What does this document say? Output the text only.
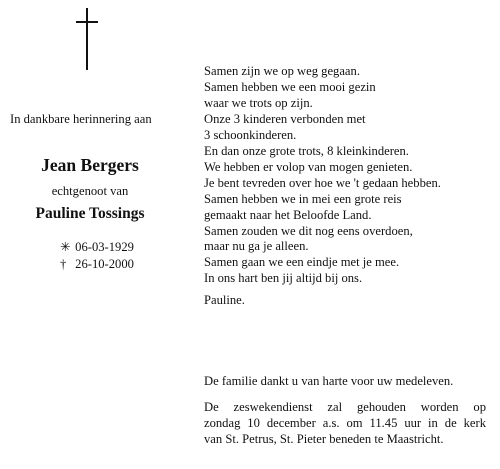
In dankbare herinnering aan
Jean Bergers
echtgenoot van
Pauline Tossings
✳ 06-03-1929
† 26-10-2000
Samen zijn we op weg gegaan.
Samen hebben we een mooi gezin
waar we trots op zijn.
Onze 3 kinderen verbonden met
3 schoonkinderen.
En dan onze grote trots, 8 kleinkinderen.
We hebben er volop van mogen genieten.
Je bent tevreden over hoe we 't gedaan hebben.
Samen hebben we in mei een grote reis
gemaakt naar het Beloofde Land.
Samen zouden we dit nog eens overdoen,
maar nu ga je alleen.
Samen gaan we een eindje met je mee.
In ons hart ben jij altijd bij ons.
Pauline.
De familie dankt u van harte voor uw medeleven.
De zeswekendienst zal gehouden worden op
zondag 10 december a.s. om 11.45 uur in de kerk
van St. Petrus, St. Pieter beneden te Maastricht.
